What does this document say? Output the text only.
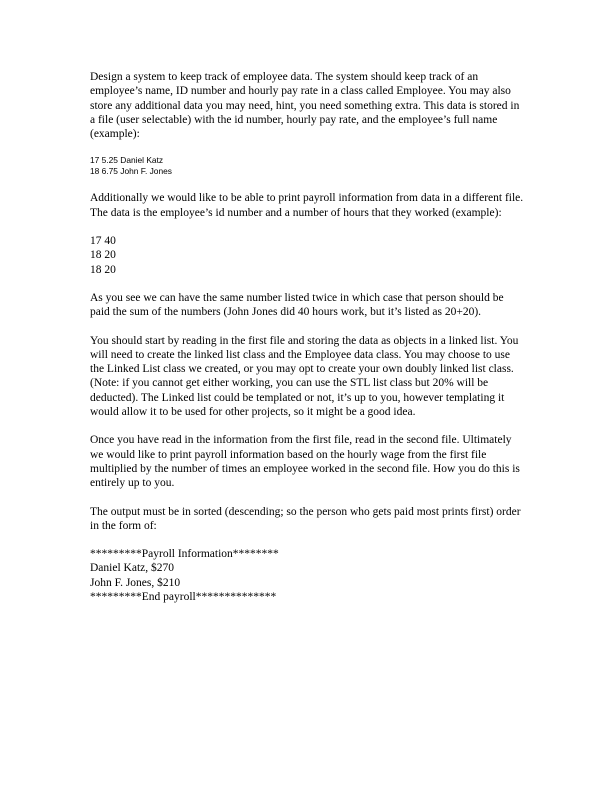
Design a system to keep track of employee data. The system should keep track of an employee’s name, ID number and hourly pay rate in a class called Employee. You may also store any additional data you may need, hint, you need something extra. This data is stored in a file (user selectable) with the id number, hourly pay rate, and the employee’s full name (example):

17 5.25 Daniel Katz
18 6.75 John F. Jones

Additionally we would like to be able to print payroll information from data in a different file. The data is the employee’s id number and a number of hours that they worked (example):

17 40
18 20
18 20

As you see we can have the same number listed twice in which case that person should be paid the sum of the numbers (John Jones did 40 hours work, but it’s listed as 20+20).

You should start by reading in the first file and storing the data as objects in a linked list. You will need to create the linked list class and the Employee data class. You may choose to use the Linked List class we created, or you may opt to create your own doubly linked list class. (Note: if you cannot get either working, you can use the STL list class but 20% will be deducted). The Linked list could be templated or not, it’s up to you, however templating it would allow it to be used for other projects, so it might be a good idea.

Once you have read in the information from the first file, read in the second file. Ultimately we would like to print payroll information based on the hourly wage from the first file multiplied by the number of times an employee worked in the second file. How you do this is entirely up to you.

The output must be in sorted (descending; so the person who gets paid most prints first) order in the form of:

*********Payroll Information********
Daniel Katz, $270
John F. Jones, $210
*********End payroll**************
